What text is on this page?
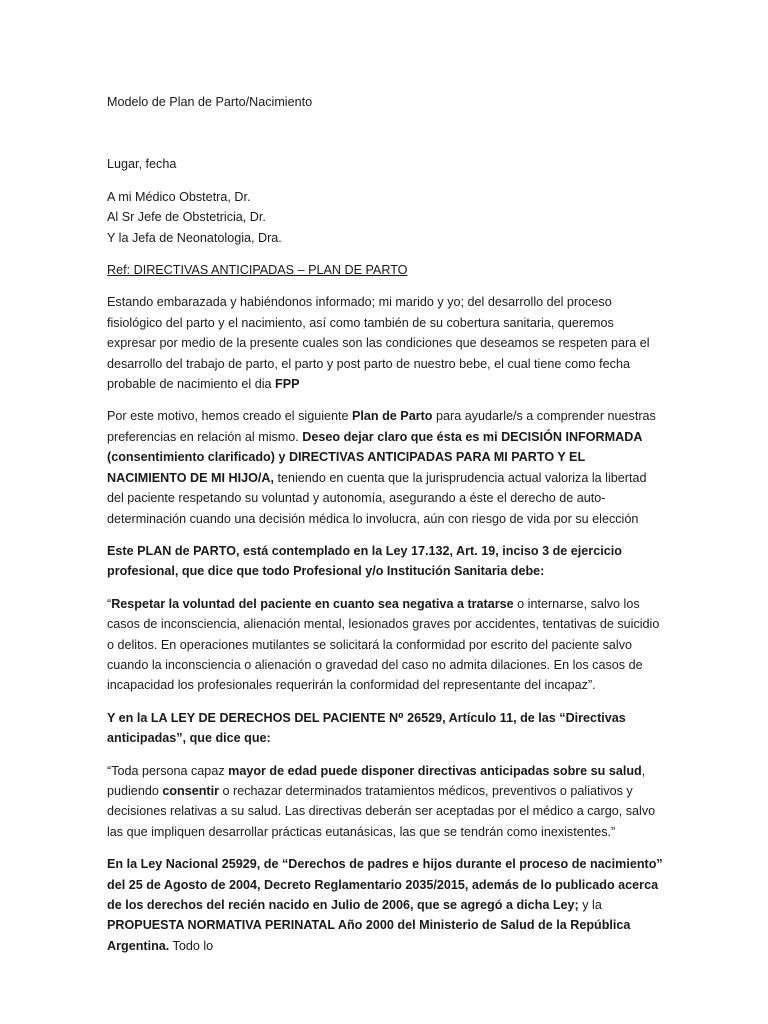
Modelo de Plan de Parto/Nacimiento

Lugar, fecha

A mi Médico Obstetra, Dr.

Al Sr Jefe de Obstetricia, Dr.

Y la Jefa de Neonatologia, Dra.

Ref: DIRECTIVAS ANTICIPADAS – PLAN DE PARTO

Estando embarazada y habiéndonos informado; mi marido y yo; del desarrollo del proceso fisiológico del parto y el nacimiento, así como también de su cobertura sanitaria, queremos expresar por medio de la presente cuales son las condiciones que deseamos se respeten para el desarrollo del trabajo de parto, el parto y post parto de nuestro bebe, el cual tiene como fecha probable de nacimiento el dia FPP

Por este motivo, hemos creado el siguiente Plan de Parto para ayudarle/s a comprender nuestras preferencias en relación al mismo. Deseo dejar claro que ésta es mi DECISIÓN INFORMADA (consentimiento clarificado) y DIRECTIVAS ANTICIPADAS PARA MI PARTO Y EL NACIMIENTO DE MI HIJO/A, teniendo en cuenta que la jurisprudencia actual valoriza la libertad del paciente respetando su voluntad y autonomía, asegurando a éste el derecho de auto-determinación cuando una decisión médica lo involucra, aún con riesgo de vida por su elección

Este PLAN de PARTO, está contemplado en la Ley 17.132, Art. 19, inciso 3 de ejercicio profesional, que dice que todo Profesional y/o Institución Sanitaria debe:

“Respetar la voluntad del paciente en cuanto sea negativa a tratarse o internarse, salvo los casos de inconsciencia, alienación mental, lesionados graves por accidentes, tentativas de suicidio o delitos. En operaciones mutilantes se solicitará la conformidad por escrito del paciente salvo cuando la inconsciencia o alienación o gravedad del caso no admita dilaciones. En los casos de incapacidad los profesionales requerirán la conformidad del representante del incapaz”.

Y en la LA LEY DE DERECHOS DEL PACIENTE N⁰ 26529, Artículo 11, de las “Directivas anticipadas”, que dice que:

“Toda persona capaz mayor de edad puede disponer directivas anticipadas sobre su salud, pudiendo consentir o rechazar determinados tratamientos médicos, preventivos o paliativos y decisiones relativas a su salud. Las directivas deberán ser aceptadas por el médico a cargo, salvo las que impliquen desarrollar prácticas eutanásicas, las que se tendrán como inexistentes.”

En la Ley Nacional 25929, de “Derechos de padres e hijos durante el proceso de nacimiento” del 25 de Agosto de 2004, Decreto Reglamentario 2035/2015, además de lo publicado acerca de los derechos del recién nacido en Julio de 2006, que se agregó a dicha Ley; y la PROPUESTA NORMATIVA PERINATAL Año 2000 del Ministerio de Salud de la República Argentina. Todo lo
